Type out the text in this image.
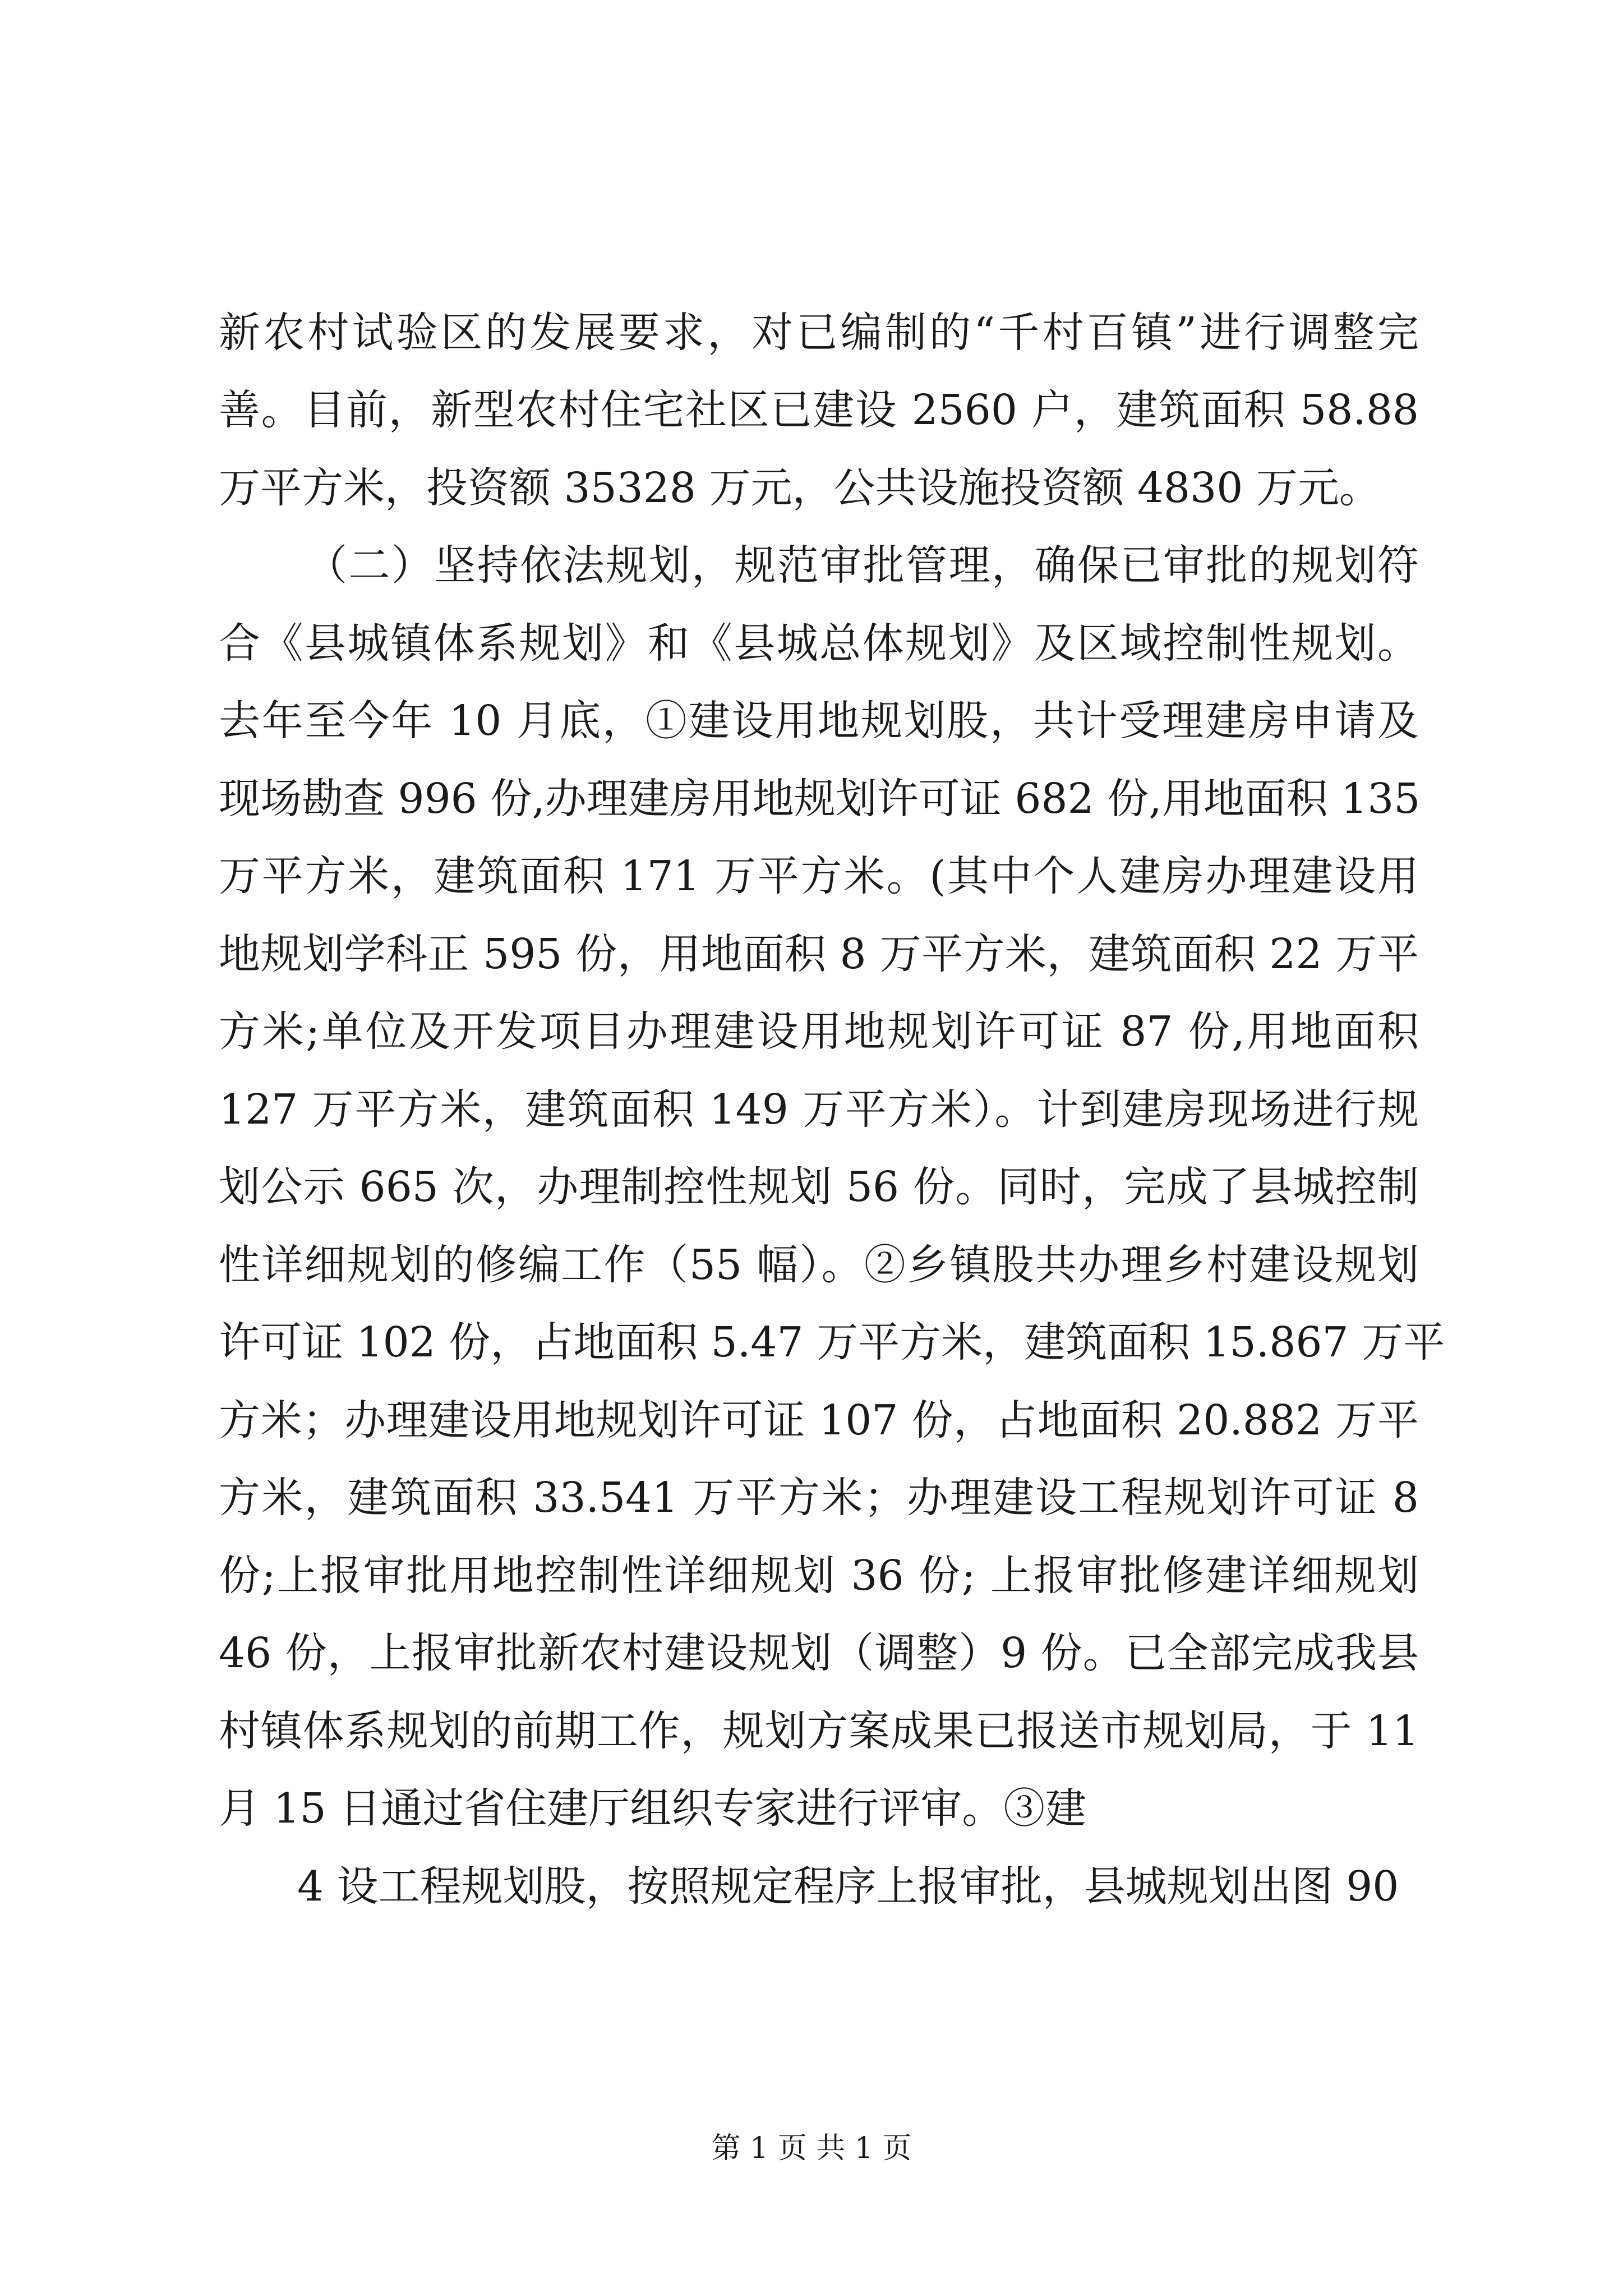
新农村试验区的发展要求，对已编制的“千村百镇”进行调整完
善。目前，新型农村住宅社区已建设 2560 户，建筑面积 58.88
万平方米，投资额 35328 万元，公共设施投资额 4830 万元。
（二）坚持依法规划，规范审批管理，确保已审批的规划符
合《县城镇体系规划》和《县城总体规划》及区域控制性规划。
去年至今年 10 月底，①建设用地规划股，共计受理建房申请及
现场勘查 996 份,办理建房用地规划许可证 682 份,用地面积 135
万平方米，建筑面积 171 万平方米。(其中个人建房办理建设用
地规划学科正 595 份，用地面积 8 万平方米，建筑面积 22 万平
方米;单位及开发项目办理建设用地规划许可证 87 份,用地面积
127 万平方米，建筑面积 149 万平方米）。计到建房现场进行规
划公示 665 次，办理制控性规划 56 份。同时，完成了县城控制
性详细规划的修编工作（55 幅）。②乡镇股共办理乡村建设规划
许可证 102 份，占地面积 5.47 万平方米，建筑面积 15.867 万平
方米；办理建设用地规划许可证 107 份，占地面积 20.882 万平
方米，建筑面积 33.541 万平方米；办理建设工程规划许可证 8
份;上报审批用地控制性详细规划 36 份; 上报审批修建详细规划
46 份，上报审批新农村建设规划（调整）9 份。已全部完成我县
村镇体系规划的前期工作，规划方案成果已报送市规划局，于 11
月 15 日通过省住建厅组织专家进行评审。③建
4 设工程规划股，按照规定程序上报审批，县城规划出图 90
第 1 页 共 1 页
